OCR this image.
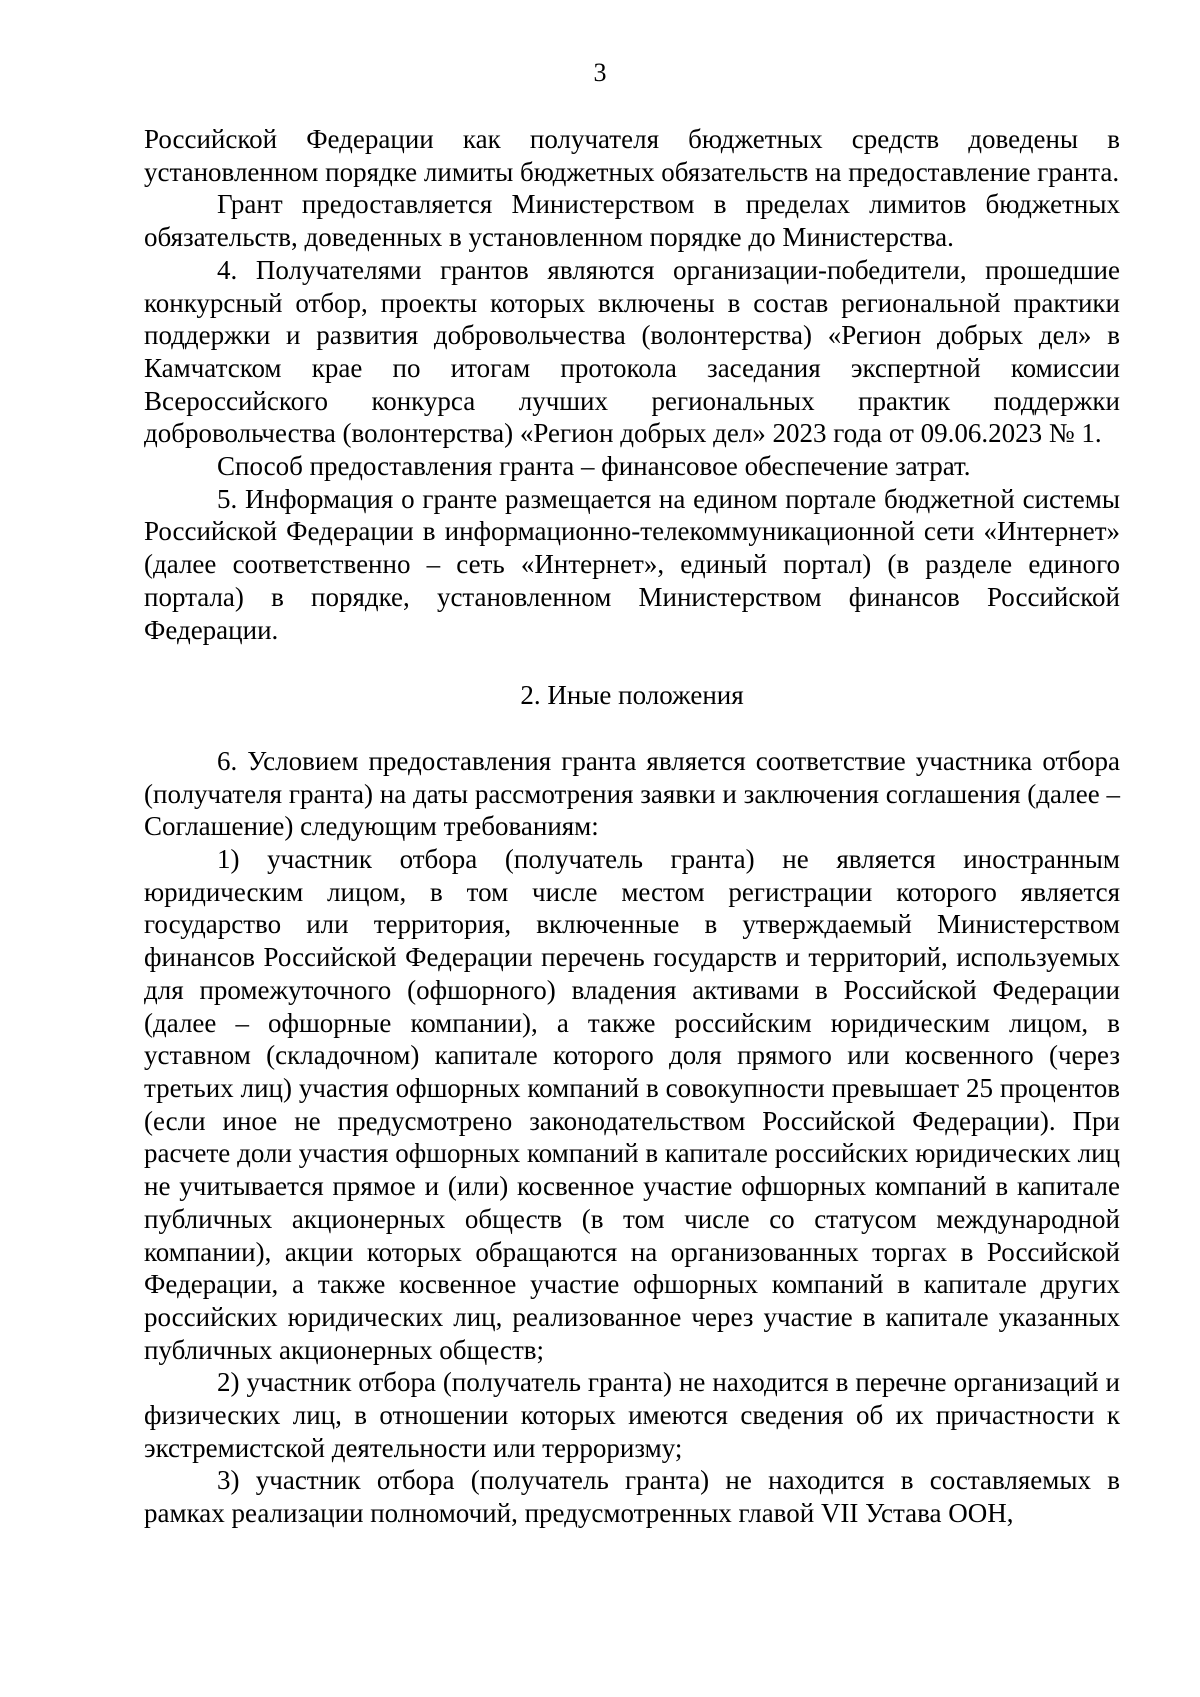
3

Российской Федерации как получателя бюджетных средств доведены в установленном порядке лимиты бюджетных обязательств на предоставление гранта.

Грант предоставляется Министерством в пределах лимитов бюджетных обязательств, доведенных в установленном порядке до Министерства.

4. Получателями грантов являются организации-победители, прошедшие конкурсный отбор, проекты которых включены в состав региональной практики поддержки и развития добровольчества (волонтерства) «Регион добрых дел» в Камчатском крае по итогам протокола заседания экспертной комиссии Всероссийского конкурса лучших региональных практик поддержки добровольчества (волонтерства) «Регион добрых дел» 2023 года от 09.06.2023 № 1.

Способ предоставления гранта – финансовое обеспечение затрат.

5. Информация о гранте размещается на едином портале бюджетной системы Российской Федерации в информационно-телекоммуникационной сети «Интернет» (далее соответственно – сеть «Интернет», единый портал) (в разделе единого портала) в порядке, установленном Министерством финансов Российской Федерации.

2. Иные положения

6. Условием предоставления гранта является соответствие участника отбора (получателя гранта) на даты рассмотрения заявки и заключения соглашения (далее – Соглашение) следующим требованиям:

1) участник отбора (получатель гранта) не является иностранным юридическим лицом, в том числе местом регистрации которого является государство или территория, включенные в утверждаемый Министерством финансов Российской Федерации перечень государств и территорий, используемых для промежуточного (офшорного) владения активами в Российской Федерации (далее – офшорные компании), а также российским юридическим лицом, в уставном (складочном) капитале которого доля прямого или косвенного (через третьих лиц) участия офшорных компаний в совокупности превышает 25 процентов (если иное не предусмотрено законодательством Российской Федерации). При расчете доли участия офшорных компаний в капитале российских юридических лиц не учитывается прямое и (или) косвенное участие офшорных компаний в капитале публичных акционерных обществ (в том числе со статусом международной компании), акции которых обращаются на организованных торгах в Российской Федерации, а также косвенное участие офшорных компаний в капитале других российских юридических лиц, реализованное через участие в капитале указанных публичных акционерных обществ;

2) участник отбора (получатель гранта) не находится в перечне организаций и физических лиц, в отношении которых имеются сведения об их причастности к экстремистской деятельности или терроризму;

3) участник отбора (получатель гранта) не находится в составляемых в рамках реализации полномочий, предусмотренных главой VII Устава ООН,
